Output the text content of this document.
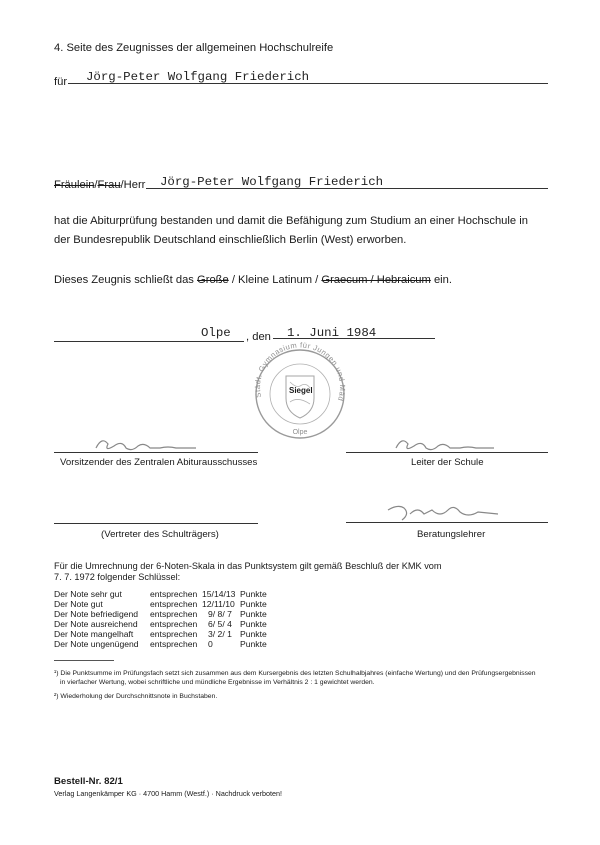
4. Seite des Zeugnisses der allgemeinen Hochschulreife
für Jörg-Peter Wolfgang Friederich
Fräulein/Frau/Herr Jörg-Peter Wolfgang Friederich
hat die Abiturprüfung bestanden und damit die Befähigung zum Studium an einer Hochschule in
der Bundesrepublik Deutschland einschließlich Berlin (West) erworben.
Dieses Zeugnis schließt das Große / Kleine Latinum / Graecum / Hebraicum ein.
Olpe , den 1. Juni 1984
Städt. Gymnasium für Jungen und Mäd
Olpe
Siegel
Vorsitzender des Zentralen Abiturausschusses	Leiter der Schule
(Vertreter des Schulträgers)	Beratungslehrer
Für die Umrechnung der 6-Noten-Skala in das Punktsystem gilt gemäß Beschluß der KMK vom
7. 7. 1972 folgender Schlüssel:
Der Note sehr gut	entsprechen 15/14/13 Punkte
Der Note gut	entsprechen 12/11/10 Punkte
Der Note befriedigend entsprechen 9/ 8/ 7 Punkte
Der Note ausreichend entsprechen 6/ 5/ 4 Punkte
Der Note mangelhaft entsprechen 3/ 2/ 1 Punkte
Der Note ungenügend entsprechen 0	Punkte
¹) Die Punktsumme im Prüfungsfach setzt sich zusammen aus dem Kursergebnis des letzten Schulhalbjahres (einfache Wertung) und den Prüfungsergebnissen
in vierfacher Wertung, wobei schriftliche und mündliche Ergebnisse im Verhältnis 2 : 1 gewichtet werden.
²) Wiederholung der Durchschnittsnote in Buchstaben.
Bestell-Nr. 82/1
Verlag Langenkämper KG · 4700 Hamm (Westf.) · Nachdruck verboten!
